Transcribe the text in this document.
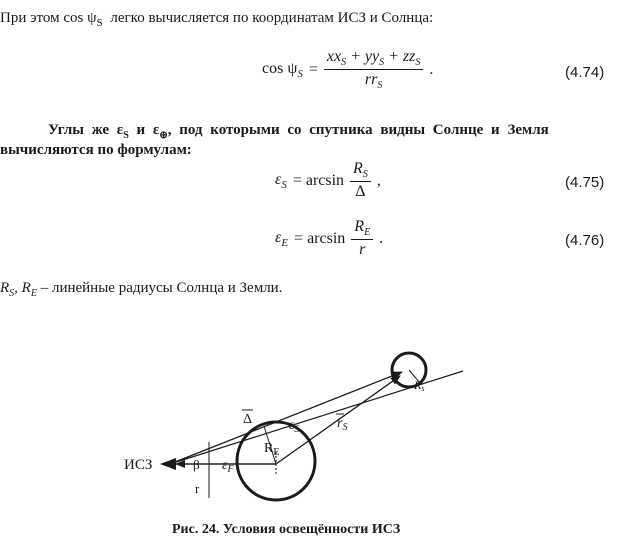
При этом $\cos \psi_S$ легко вычисляется по координатам ИСЗ и Солнца:
$\cos \psi_S = \frac{xx_S + yy_S + zz_S}{rr_S}$ .	(4.74)
Углы же $\varepsilon_S$ и $\varepsilon_\oplus$, под которыми со спутника видны Солнце и Земля
вычисляются по формулам:
$\varepsilon_S = \arcsin \frac{R_S}{\Delta}$ ,	(4.75)
$\varepsilon_E = \arcsin \frac{R_E}{r}$ .	(4.76)
$R_S$, $R_E$ – линейные радиусы Солнца и Земли.
ИСЗ
Δ	$\varepsilon_S$	$r_S$
$R_E$
$\varepsilon_F$
β
r
Rs
Рис. 24. Условия освещённости ИСЗ
